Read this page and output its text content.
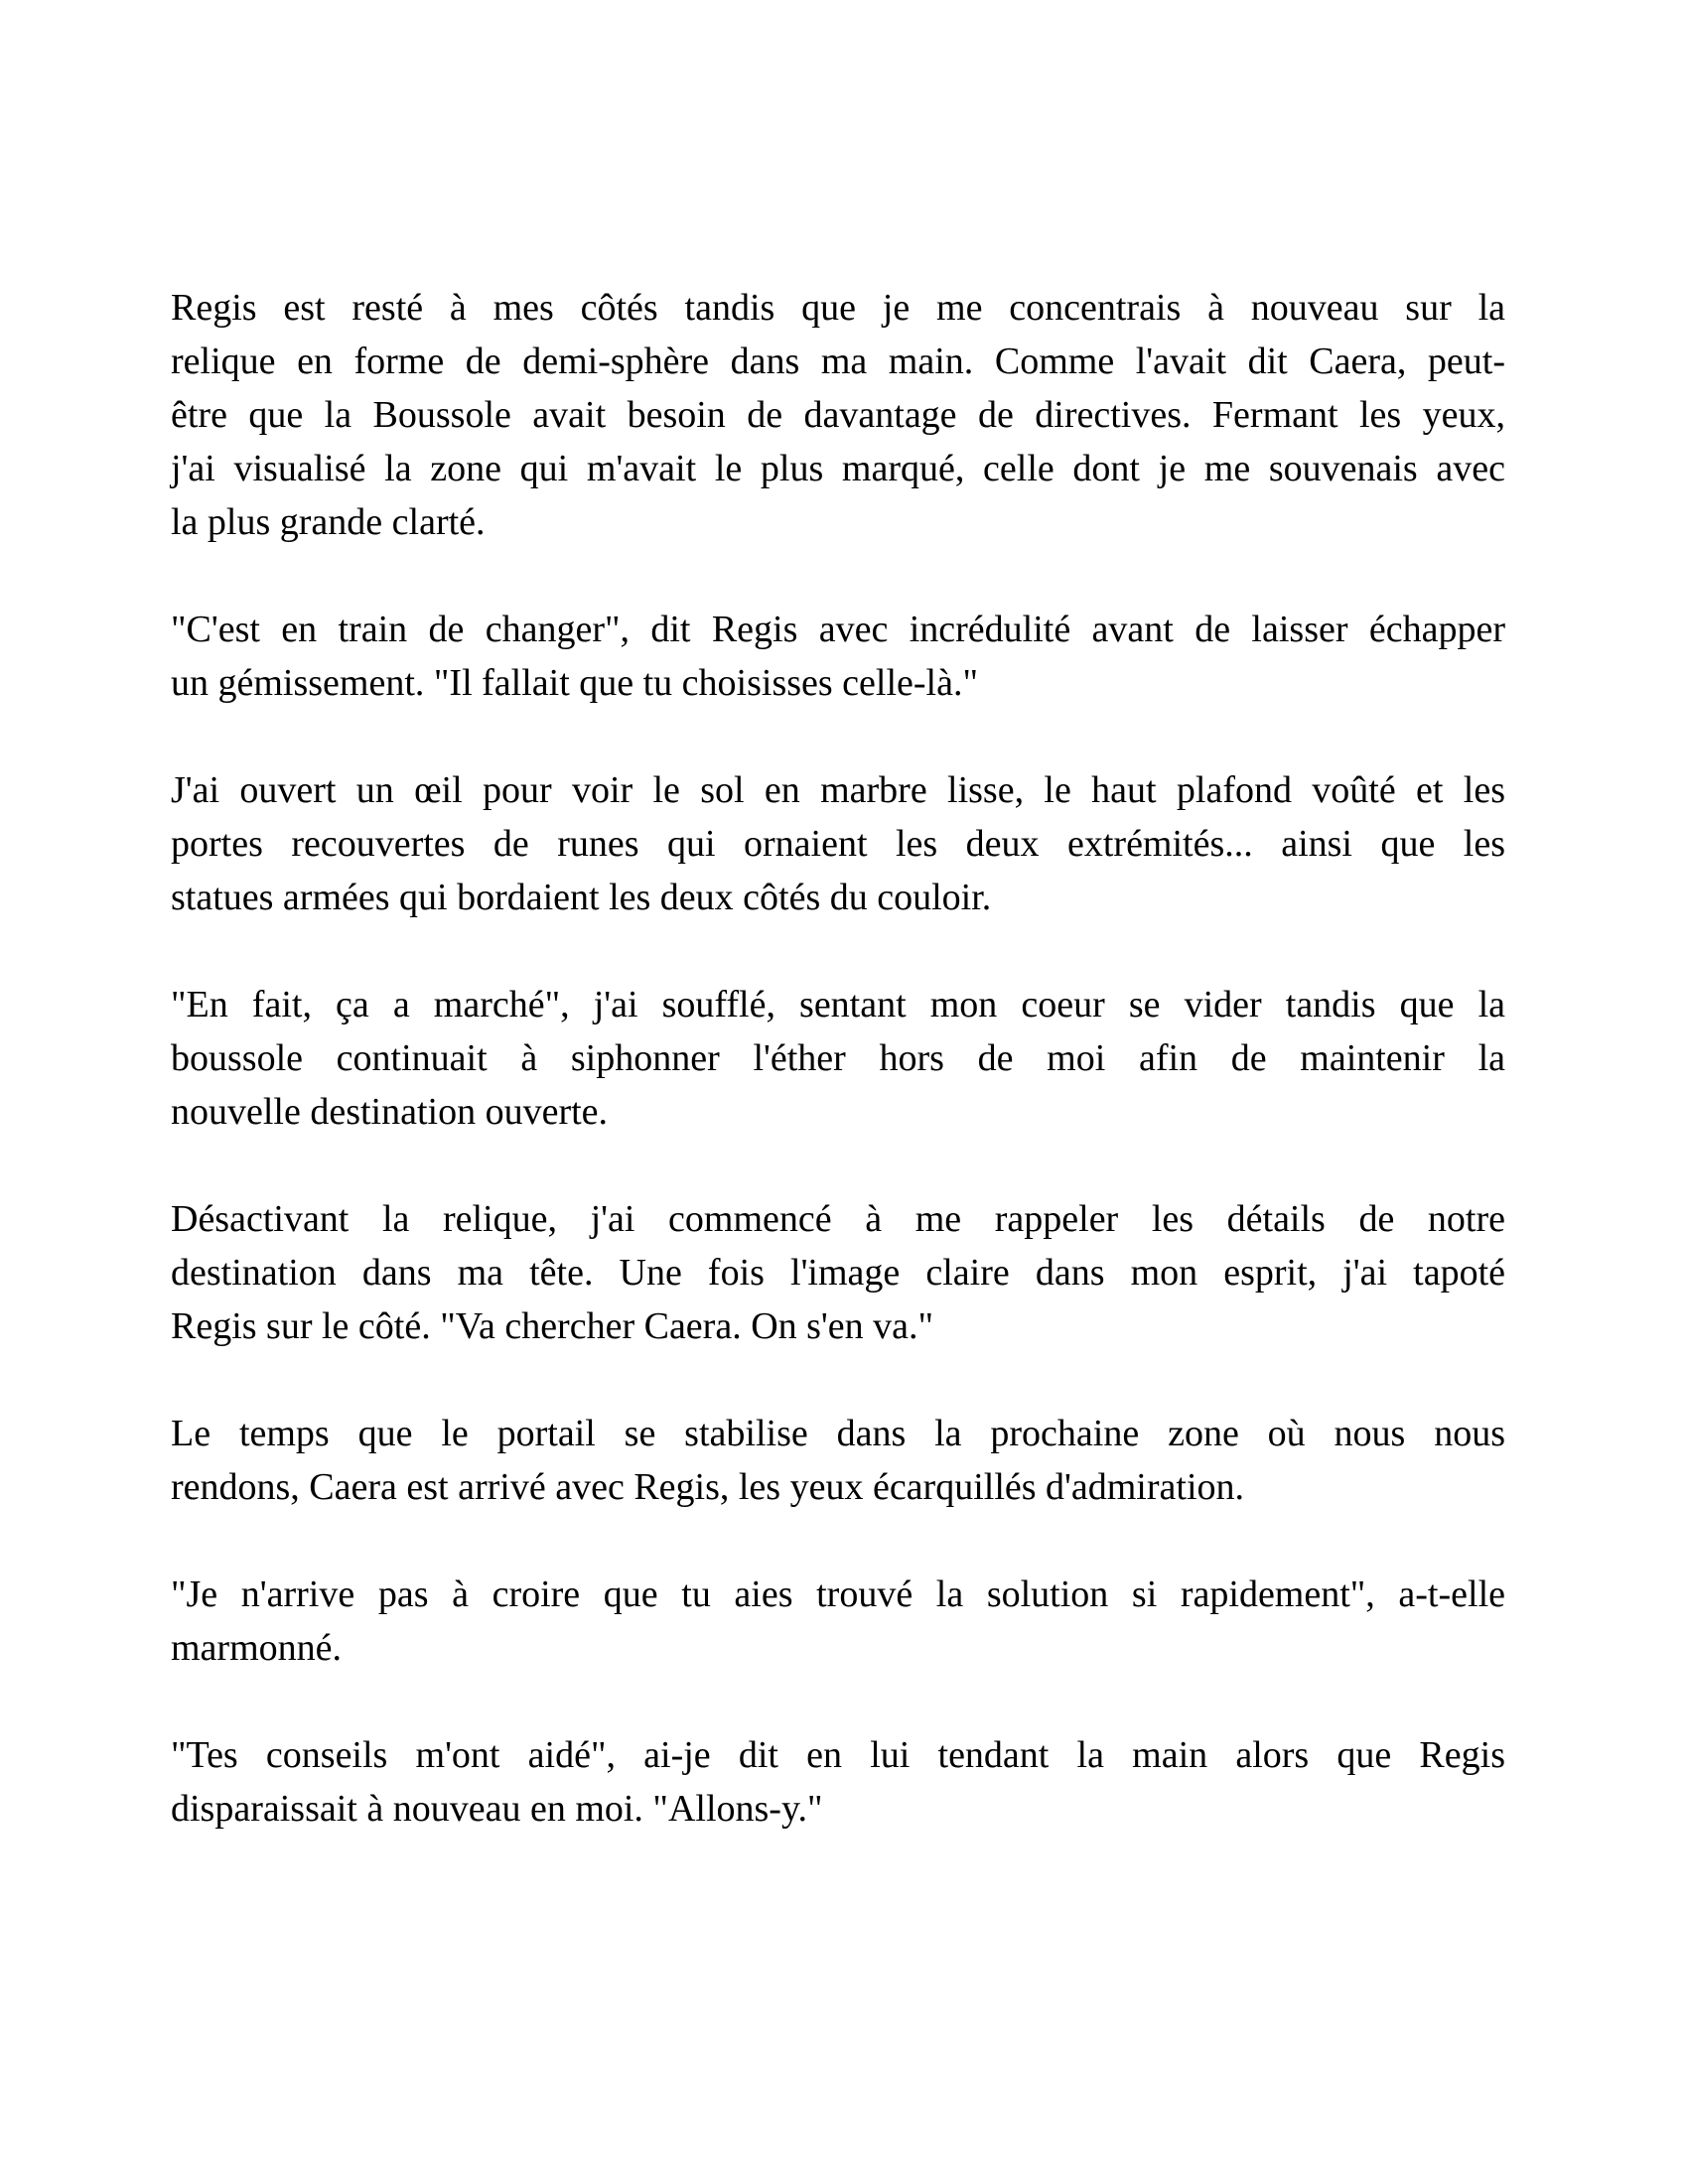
Regis est resté à mes côtés tandis que je me concentrais à nouveau sur la
relique en forme de demi-sphère dans ma main. Comme l'avait dit Caera, peut-
être que la Boussole avait besoin de davantage de directives. Fermant les yeux,
j'ai visualisé la zone qui m'avait le plus marqué, celle dont je me souvenais avec
la plus grande clarté.

"C'est en train de changer", dit Regis avec incrédulité avant de laisser échapper
un gémissement. "Il fallait que tu choisisses celle-là."

J'ai ouvert un œil pour voir le sol en marbre lisse, le haut plafond voûté et les
portes recouvertes de runes qui ornaient les deux extrémités... ainsi que les
statues armées qui bordaient les deux côtés du couloir.

"En fait, ça a marché", j'ai soufflé, sentant mon coeur se vider tandis que la
boussole continuait à siphonner l'éther hors de moi afin de maintenir la
nouvelle destination ouverte.

Désactivant la relique, j'ai commencé à me rappeler les détails de notre
destination dans ma tête. Une fois l'image claire dans mon esprit, j'ai tapoté
Regis sur le côté. "Va chercher Caera. On s'en va."

Le temps que le portail se stabilise dans la prochaine zone où nous nous
rendons, Caera est arrivé avec Regis, les yeux écarquillés d'admiration.

"Je n'arrive pas à croire que tu aies trouvé la solution si rapidement", a-t-elle
marmonné.

"Tes conseils m'ont aidé", ai-je dit en lui tendant la main alors que Regis
disparaissait à nouveau en moi. "Allons-y."
